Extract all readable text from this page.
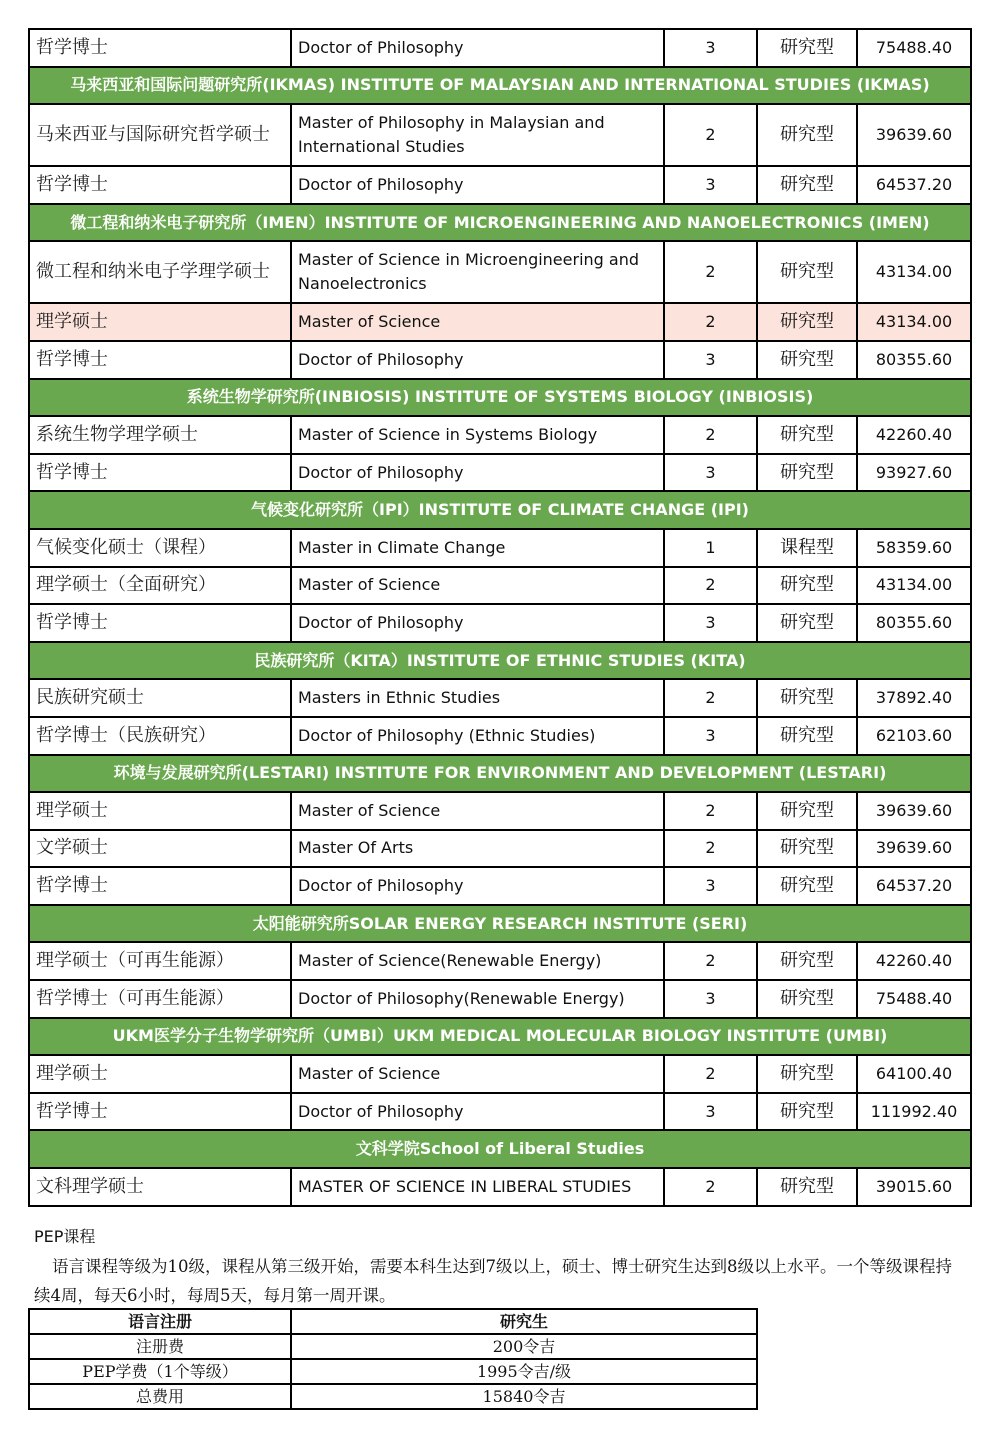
哲学博士	Doctor of Philosophy	3	研究型	75488.40
马来西亚和国际问题研究所(IKMAS) INSTITUTE OF MALAYSIAN AND INTERNATIONAL STUDIES (IKMAS)				
马来西亚与国际研究哲学硕士	Master of Philosophy in Malaysian and International Studies	2	研究型	39639.60
哲学博士	Doctor of Philosophy	3	研究型	64537.20
微工程和纳米电子研究所（IMEN）INSTITUTE OF MICROENGINEERING AND NANOELECTRONICS (IMEN)				
微工程和纳米电子学理学硕士	Master of Science in Microengineering and Nanoelectronics	2	研究型	43134.00
理学硕士	Master of Science	2	研究型	43134.00
哲学博士	Doctor of Philosophy	3	研究型	80355.60
系统生物学研究所(INBIOSIS) INSTITUTE OF SYSTEMS BIOLOGY (INBIOSIS)				
系统生物学理学硕士	Master of Science in Systems Biology	2	研究型	42260.40
哲学博士	Doctor of Philosophy	3	研究型	93927.60
气候变化研究所（IPI）INSTITUTE OF CLIMATE CHANGE (IPI)				
气候变化硕士（课程）	Master in Climate Change	1	课程型	58359.60
理学硕士（全面研究）	Master of Science	2	研究型	43134.00
哲学博士	Doctor of Philosophy	3	研究型	80355.60
民族研究所（KITA）INSTITUTE OF ETHNIC STUDIES (KITA)				
民族研究硕士	Masters in Ethnic Studies	2	研究型	37892.40
哲学博士（民族研究）	Doctor of Philosophy (Ethnic Studies)	3	研究型	62103.60
环境与发展研究所(LESTARI) INSTITUTE FOR ENVIRONMENT AND DEVELOPMENT (LESTARI)				
理学硕士	Master of Science	2	研究型	39639.60
文学硕士	Master Of Arts	2	研究型	39639.60
哲学博士	Doctor of Philosophy	3	研究型	64537.20
太阳能研究所SOLAR ENERGY RESEARCH INSTITUTE (SERI)				
理学硕士（可再生能源）	Master of Science(Renewable Energy)	2	研究型	42260.40
哲学博士（可再生能源）	Doctor of Philosophy(Renewable Energy)	3	研究型	75488.40
UKM医学分子生物学研究所（UMBI）UKM MEDICAL MOLECULAR BIOLOGY INSTITUTE (UMBI)				
理学硕士	Master of Science	2	研究型	64100.40
哲学博士	Doctor of Philosophy	3	研究型	111992.40
文科学院School of Liberal Studies				
文科理学硕士	MASTER OF SCIENCE IN LIBERAL STUDIES	2	研究型	39015.60
PEP课程
语言课程等级为10级，课程从第三级开始，需要本科生达到7级以上，硕士、博士研究生达到8级以上水平。一个等级课程持续4周，每天6小时，每周5天，每月第一周开课。
语言注册	研究生
注册费	200令吉
PEP学费（1个等级）	1995令吉/级
总费用	15840令吉
